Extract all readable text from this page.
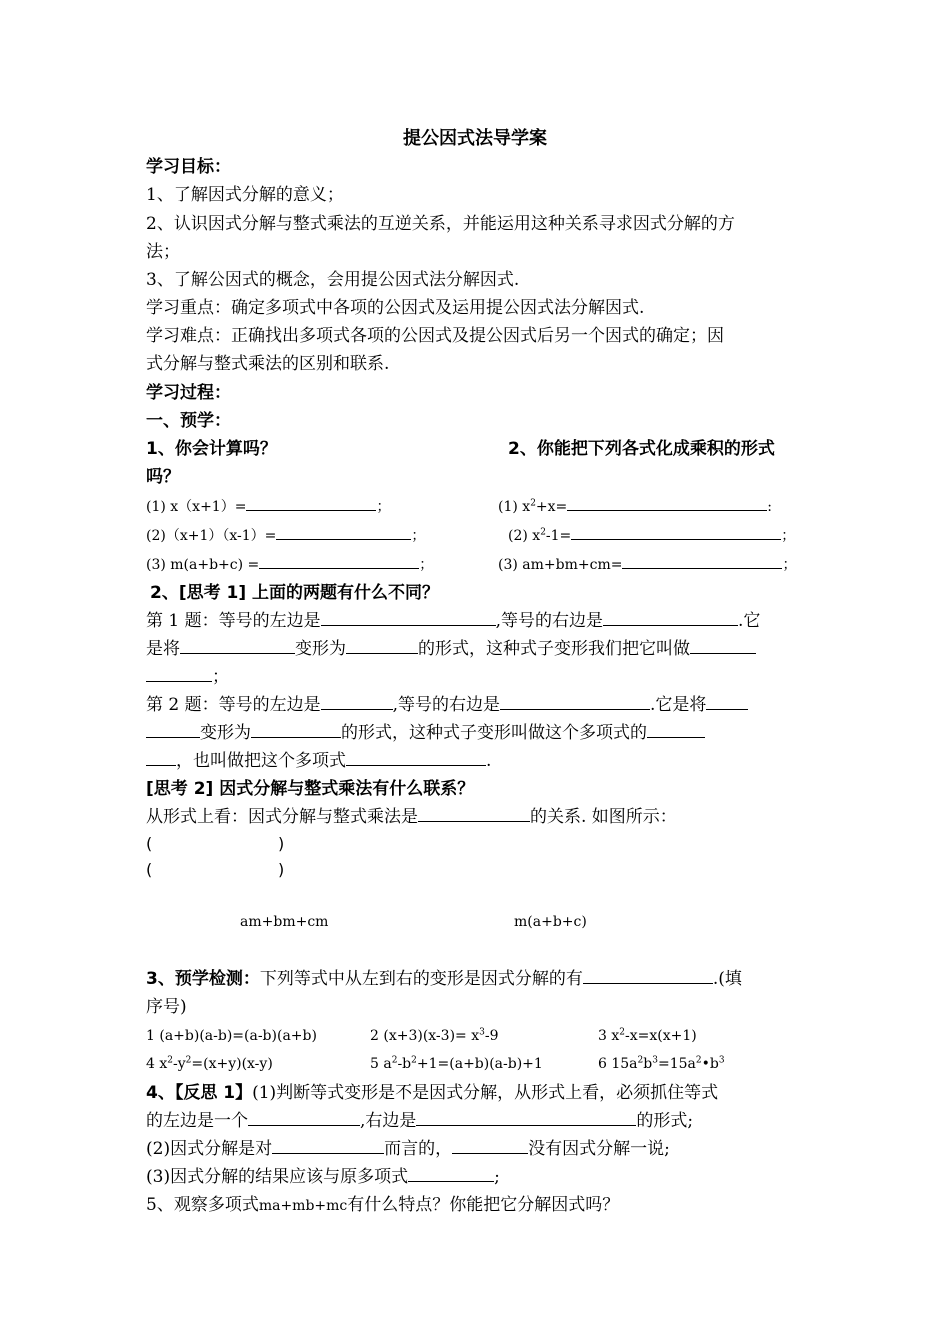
提公因式法导学案
学习目标：
1、了解因式分解的意义；
2、认识因式分解与整式乘法的互逆关系，并能运用这种关系寻求因式分解的方
法；
3、了解公因式的概念，会用提公因式法分解因式.
学习重点：确定多项式中各项的公因式及运用提公因式法分解因式.
学习难点：正确找出多项式各项的公因式及提公因式后另一个因式的确定；因
式分解与整式乘法的区别和联系.
学习过程：
一、预学：
1、你会计算吗？	2、你能把下列各式化成乘积的形式
吗？
(1) x（x+1）=	；	(1) $x^2+x=$	:
(2)（x+1）（x-1）=	；	(2) $x^2-1=$	；
(3) m(a+b+c) =	；	(3) am+bm+cm=	；
2、[思考 1] 上面的两题有什么不同？
第 1 题：等号的左边是	,等号的右边是	.它
是将	变形为	的形式，这种式子变形我们把它叫做
；
第 2 题：等号的左边是	,等号的右边是	.它是将
变形为	的形式，这种式子变形叫做这个多项式的
，也叫做把这个多项式	.
[思考 2] 因式分解与整式乘法有什么联系？
从形式上看：因式分解与整式乘法是	的关系. 如图所示：
(	)
(	)
am+bm+cm	m(a+b+c)
3、预学检测：下列等式中从左到右的变形是因式分解的有	.(填
序号)
1 (a+b)(a-b)=(a-b)(a+b)	2 $(x+3)(x-3)= x^3-9$	3 $x^2-x=x(x+1)$
4 $x^2-y^2=(x+y)(x-y)$	5 $a^2-b^2+1=(a+b)(a-b)+1$	6 $15a^2b^3=15a^2•b^3$
4、【反思 1】(1)判断等式变形是不是因式分解，从形式上看，必须抓住等式
的左边是一个	,右边是	的形式;
(2)因式分解是对	而言的，	没有因式分解一说;
(3)因式分解的结果应该与原多项式	;
5、观察多项式ma+mb+mc有什么特点？你能把它分解因式吗？
